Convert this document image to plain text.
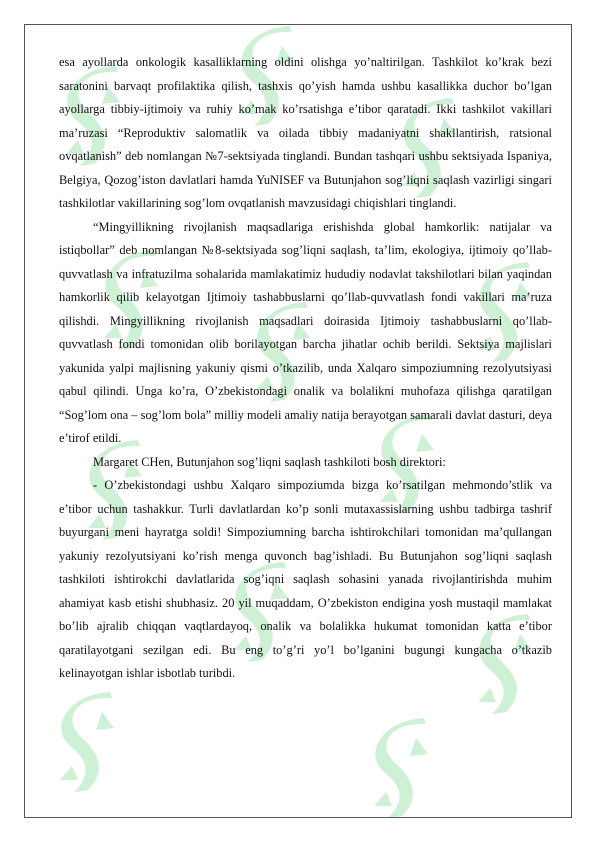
esa ayollarda onkologik kasalliklarning oldini olishga yo’naltirilgan. Tashkilot ko’krak bezi saratonini barvaqt profilaktika qilish, tashxis qo’yish hamda ushbu kasallikka duchor bo’lgan ayollarga tibbiy-ijtimoiy va ruhiy ko’mak ko’rsatishga e’tibor qaratadi. Ikki tashkilot vakillari ma’ruzasi “Reproduktiv salomatlik va oilada tibbiy madaniyatni shakllantirish, ratsional ovqatlanish” deb nomlangan №7-sektsiyada tinglandi. Bundan tashqari ushbu sektsiyada Ispaniya, Belgiya, Qozog’iston davlatlari hamda YuNISEF va Butunjahon sog’liqni saqlash vazirligi singari tashkilotlar vakillarining sog’lom ovqatlanish mavzusidagi chiqishlari tinglandi.

“Mingyillikning rivojlanish maqsadlariga erishishda global hamkorlik: natijalar va istiqbollar” deb nomlangan №8-sektsiyada sog’liqni saqlash, ta’lim, ekologiya, ijtimoiy qo’llab-quvvatlash va infratuzilma sohalarida mamlakatimiz hududiy nodavlat takshilotlari bilan yaqindan hamkorlik qilib kelayotgan Ijtimoiy tashabbuslarni qo’llab-quvvatlash fondi vakillari ma’ruza qilishdi. Mingyillikning rivojlanish maqsadlari doirasida Ijtimoiy tashabbuslarni qo’llab-quvvatlash fondi tomonidan olib borilayotgan barcha jihatlar ochib berildi. Sektsiya majlislari yakunida yalpi majlisning yakuniy qismi o’tkazilib, unda Xalqaro simpoziumning rezolyutsiyasi qabul qilindi. Unga ko’ra, O’zbekistondagi onalik va bolalikni muhofaza qilishga qaratilgan “Sog’lom ona – sog’lom bola” milliy modeli amaliy natija berayotgan samarali davlat dasturi, deya e’tirof etildi.

Margaret CHen, Butunjahon sog’liqni saqlash tashkiloti bosh direktori:

- O’zbekistondagi ushbu Xalqaro simpoziumda bizga ko’rsatilgan mehmondo’stlik va e’tibor uchun tashakkur. Turli davlatlardan ko’p sonli mutaxassislarning ushbu tadbirga tashrif buyurgani meni hayratga soldi! Simpoziumning barcha ishtirokchilari tomonidan ma’qullangan yakuniy rezolyutsiyani ko’rish menga quvonch bag’ishladi. Bu Butunjahon sog’liqni saqlash tashkiloti ishtirokchi davlatlarida sog’iqni saqlash sohasini yanada rivojlantirishda muhim ahamiyat kasb etishi shubhasiz. 20 yil muqaddam, O’zbekiston endigina yosh mustaqil mamlakat bo’lib ajralib chiqqan vaqtlardayoq, onalik va bolalikka hukumat tomonidan katta e’tibor qaratilayotgani sezilgan edi. Bu eng to’g’ri yo’l bo’lganini bugungi kungacha o’tkazib kelinayotgan ishlar isbotlab turibdi.
